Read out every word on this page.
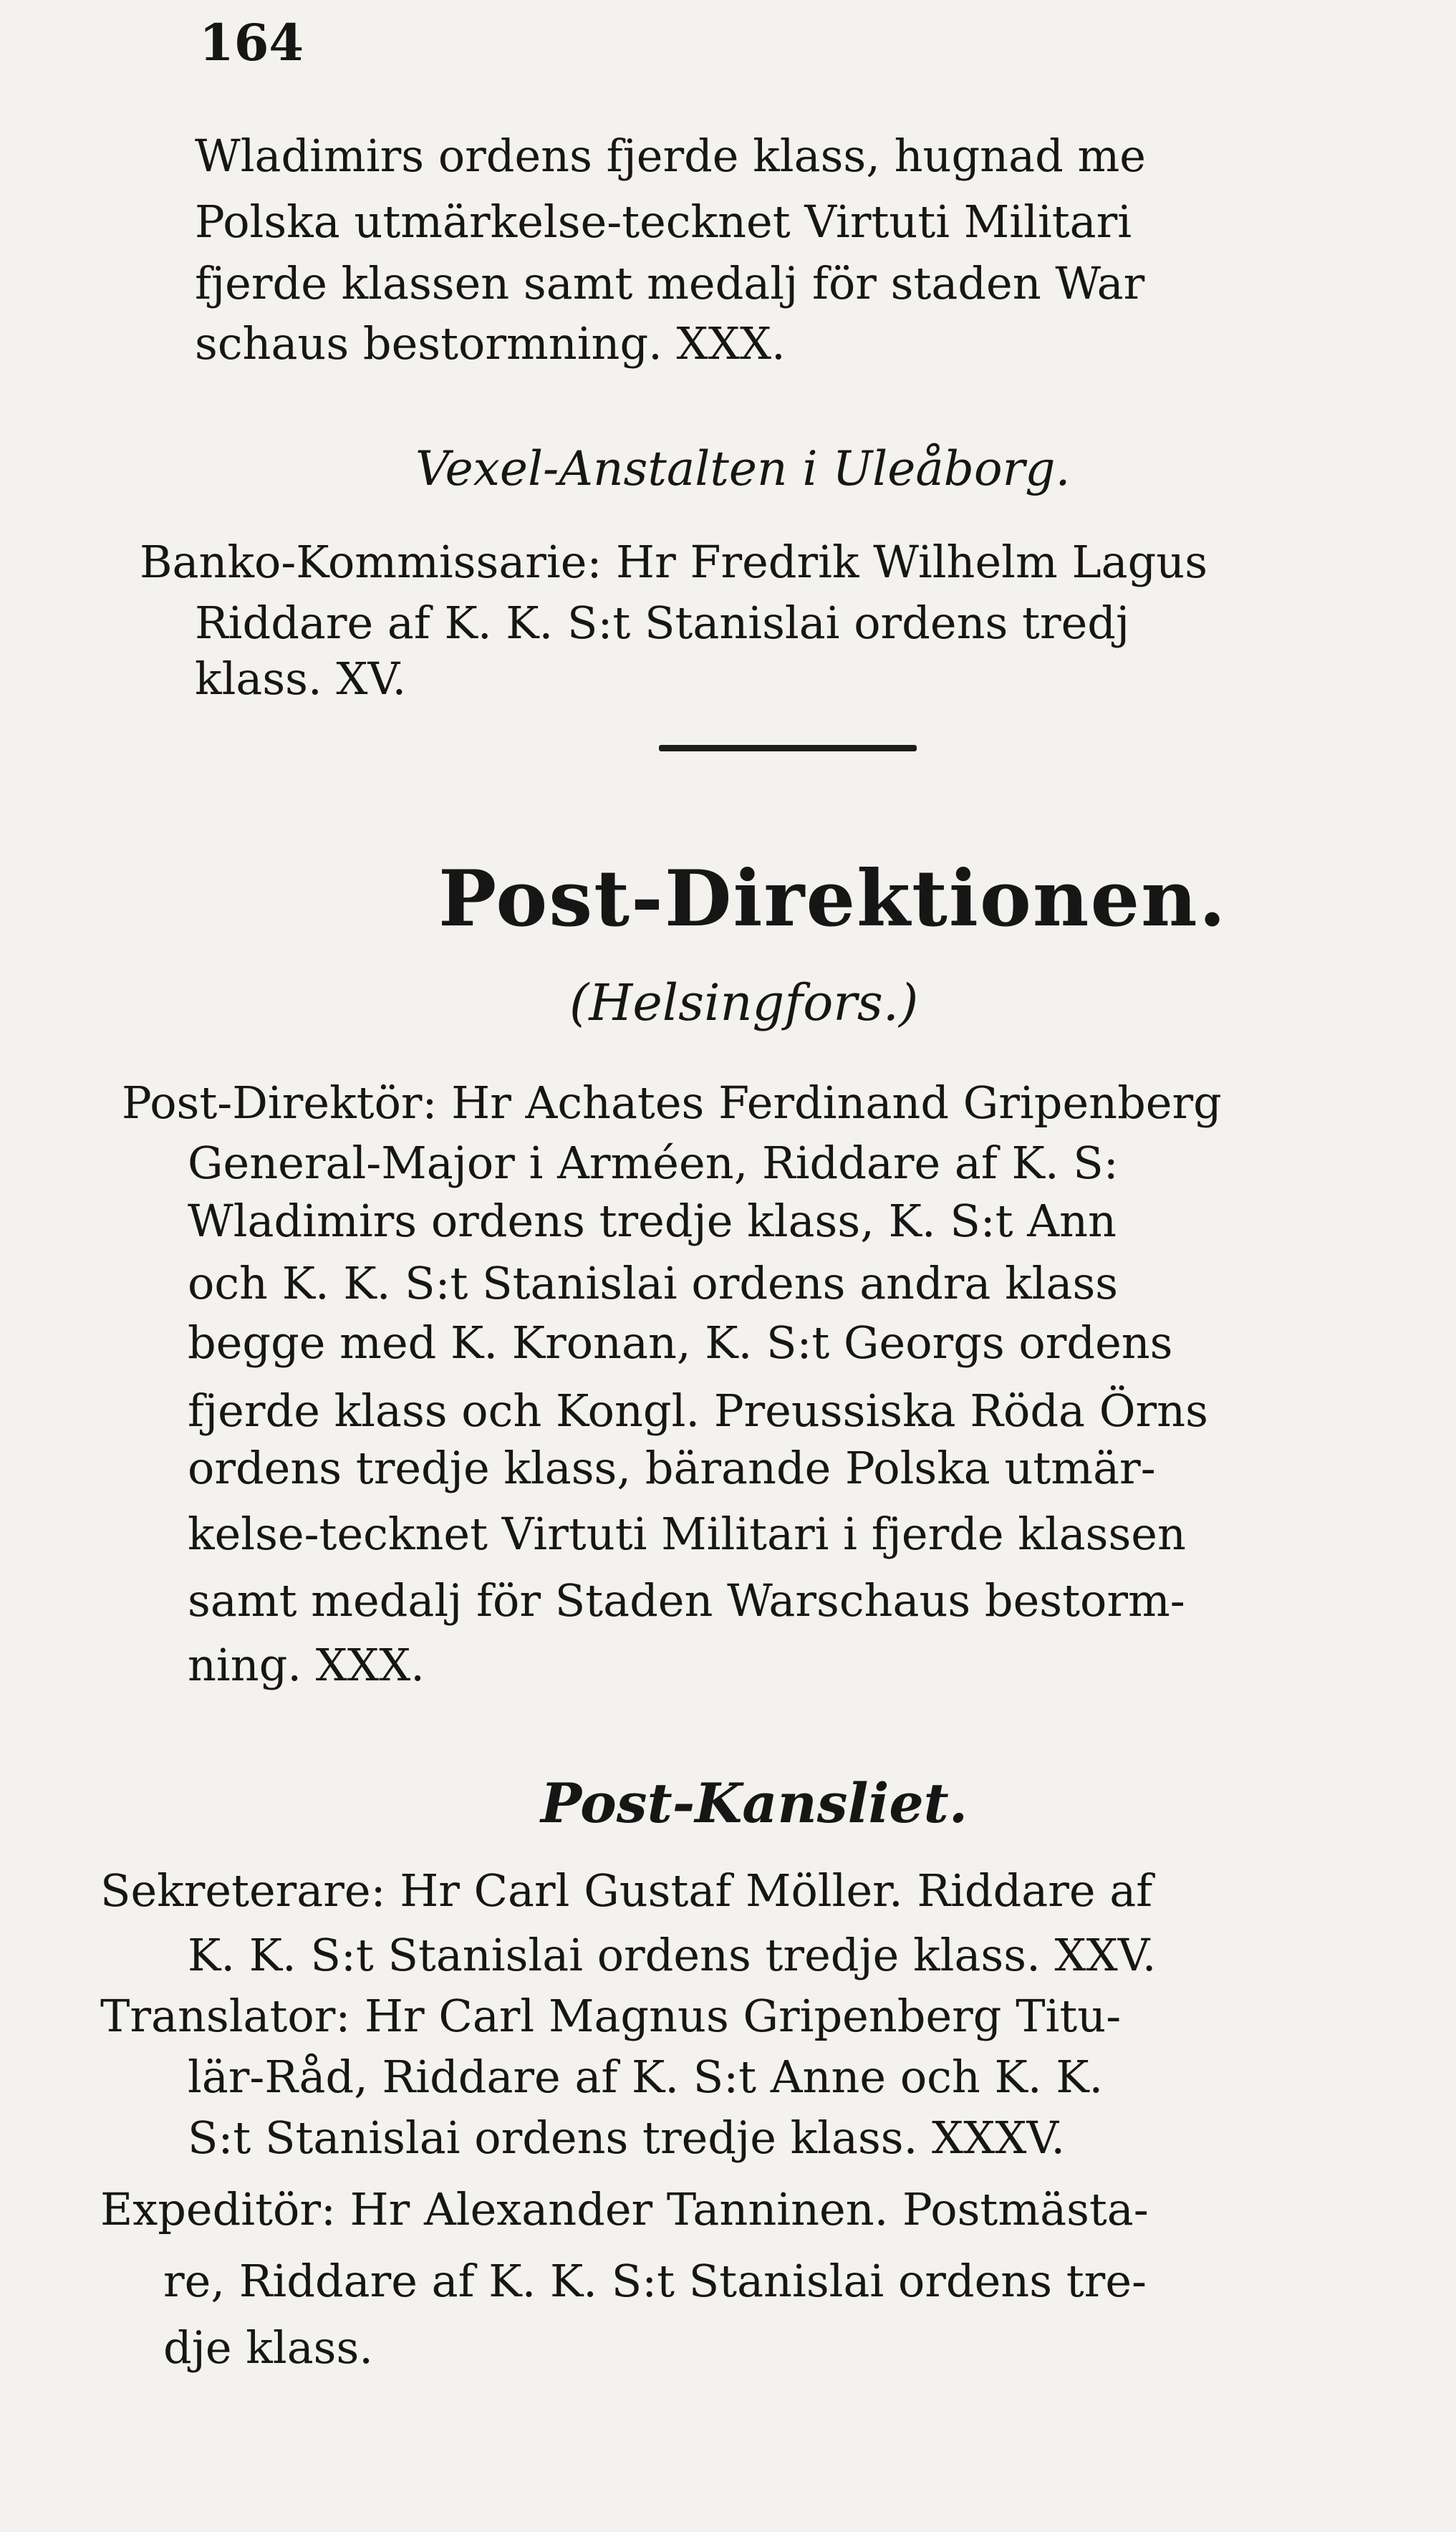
164
Wladimirs ordens fjerde klass, hugnad me
Polska utmärkelse-tecknet Virtuti Militari
fjerde klassen samt medalj för staden War
schaus bestormning. XXX.
Vexel-Anstalten i Uleåborg.
Banko-Kommissarie: Hr Fredrik Wilhelm Lagus
Riddare af K. K. S:t Stanislai ordens tredj
klass. XV.
Post-Direktionen.
(Helsingfors.)
Post-Direktör: Hr Achates Ferdinand Gripenberg
General-Major i Arméen, Riddare af K. S:
Wladimirs ordens tredje klass, K. S:t Ann
och K. K. S:t Stanislai ordens andra klass
begge med K. Kronan, K. S:t Georgs ordens
fjerde klass och Kongl. Preussiska Röda Örns
ordens tredje klass, bärande Polska utmär-
kelse-tecknet Virtuti Militari i fjerde klassen
samt medalj för Staden Warschaus bestorm-
ning. XXX.
Post-Kansliet.
Sekreterare: Hr Carl Gustaf Möller. Riddare af
K. K. S:t Stanislai ordens tredje klass. XXV.
Translator: Hr Carl Magnus Gripenberg Titu-
lär-Råd, Riddare af K. S:t Anne och K. K.
S:t Stanislai ordens tredje klass. XXXV.
Expeditör: Hr Alexander Tanninen. Postmästa-
re, Riddare af K. K. S:t Stanislai ordens tre-
dje klass.
